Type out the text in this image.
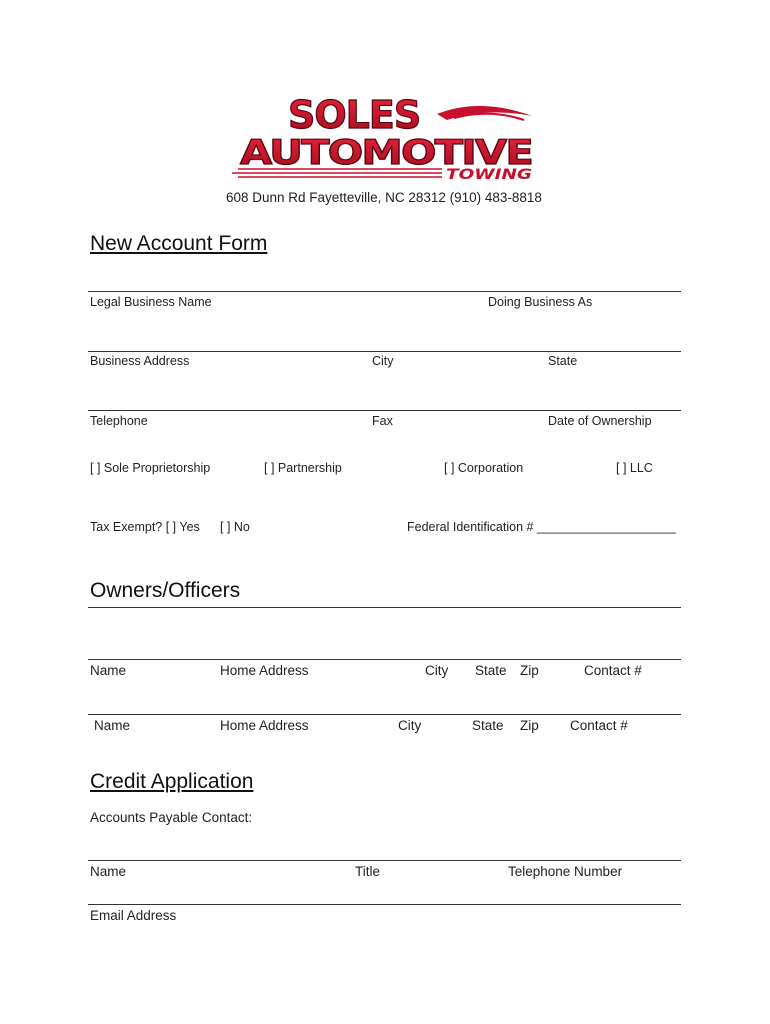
SOLES
AUTOMOTIVE
TOWING
608 Dunn Rd Fayetteville, NC 28312 (910) 483-8818
New Account Form
Legal Business Name	Doing Business As
Business Address	City	State
Telephone	Fax	Date of Ownership
[ ] Sole Proprietorship	[ ] Partnership	[ ] Corporation	[ ] LLC
Tax Exempt? [ ] Yes [ ] No	Federal Identification # ____________________
Owners/Officers
Name	Home Address	City State Zip	Contact #
Name	Home Address	City	State Zip Contact #
Credit Application
Accounts Payable Contact:
Name	Title	Telephone Number
Email Address
